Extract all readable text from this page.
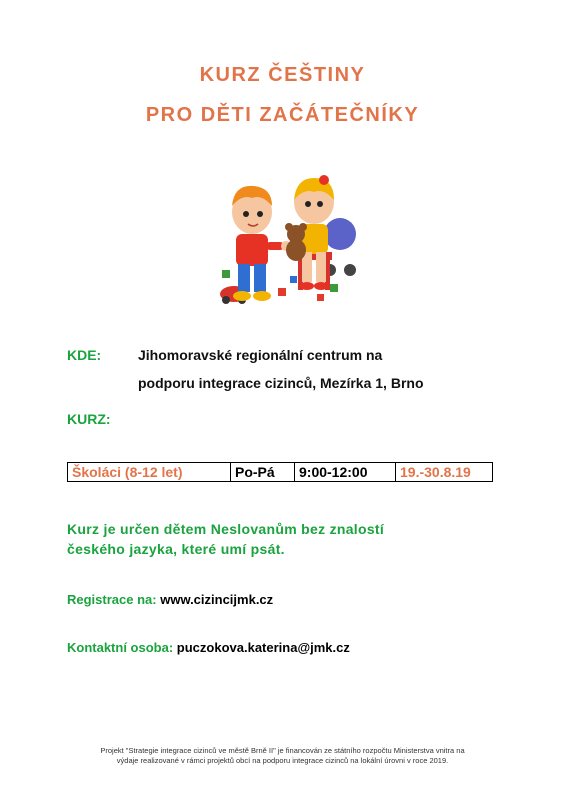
KURZ ČEŠTINY
PRO DĚTI ZAČÁTEČNÍKY
KDE:	Jihomoravské regionální centrum na
podporu integrace cizinců, Mezírka 1, Brno
KURZ:
Školáci (8-12 let)	Po-Pá	9:00-12:00	19.-30.8.19
Kurz je určen dětem Neslovanům bez znalostí
českého jazyka, které umí psát.
Registrace na: www.cizincijmk.cz
Kontaktní osoba: puczokova.katerina@jmk.cz
Projekt "Strategie integrace cizinců ve městě Brně II" je financován ze státního rozpočtu Ministerstva vnitra na
výdaje realizované v rámci projektů obcí na podporu integrace cizinců na lokální úrovni v roce 2019.
